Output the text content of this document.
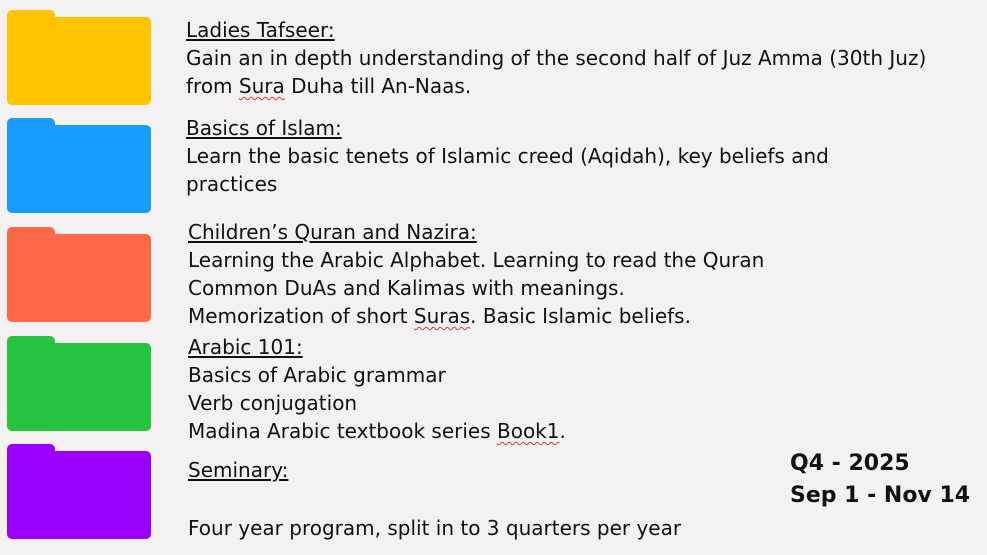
Ladies Tafseer:
Gain an in depth understanding of the second half of Juz Amma (30th Juz)
from Sura Duha till An-Naas.
Basics of Islam:
Learn the basic tenets of Islamic creed (Aqidah), key beliefs and
practices
Children’s Quran and Nazira:
Learning the Arabic Alphabet. Learning to read the Quran
Common DuAs and Kalimas with meanings.
Memorization of short Suras. Basic Islamic beliefs.
Arabic 101:
Basics of Arabic grammar
Verb conjugation
Madina Arabic textbook series Book1.
Seminary:
Four year program, split in to 3 quarters per year
Q4 - 2025
Sep 1 - Nov 14
